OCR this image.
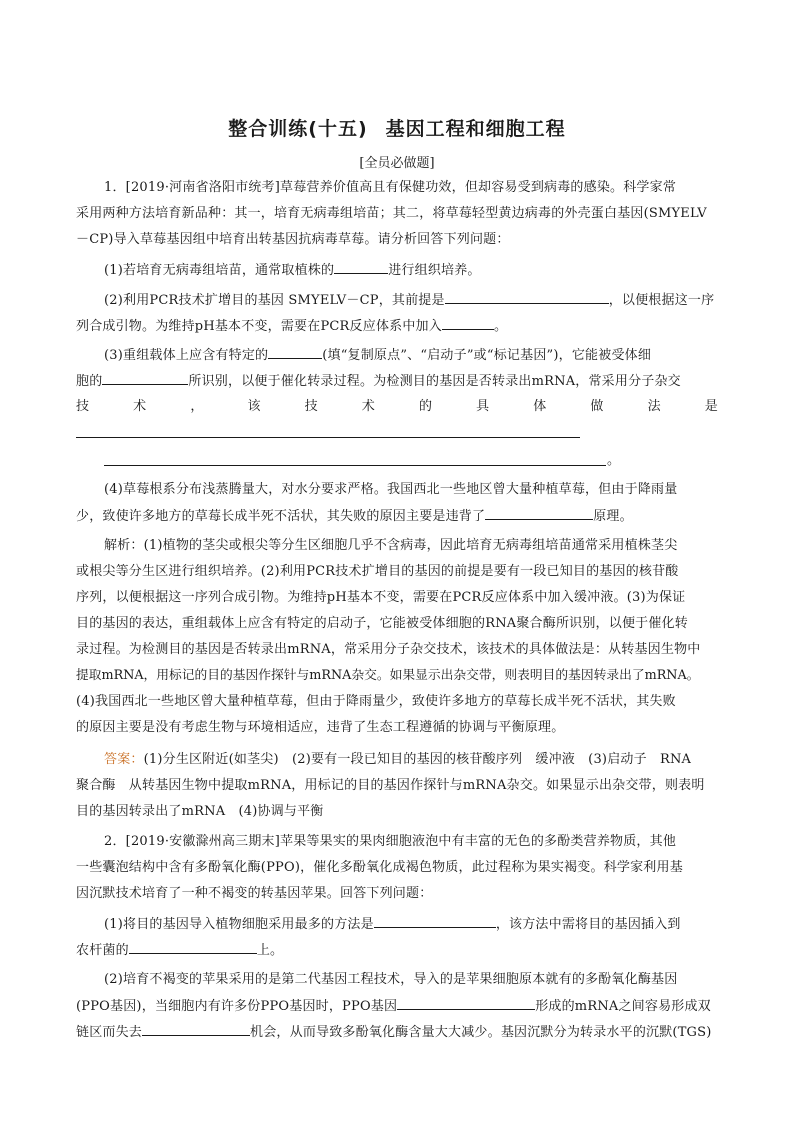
整合训练(十五) 基因工程和细胞工程
[全员必做题]
1．[2019·河南省洛阳市统考]草莓营养价值高且有保健功效，但却容易受到病毒的感染。科学家常
采用两种方法培育新品种：其一，培育无病毒组培苗；其二，将草莓轻型黄边病毒的外壳蛋白基因(SMYELV
－CP)导入草莓基因组中培育出转基因抗病毒草莓。请分析回答下列问题：
(1)若培育无病毒组培苗，通常取植株的	进行组织培养。
(2)利用PCR技术扩增目的基因 SMYELV－CP，其前提是	，以便根据这一序
列合成引物。为维持pH基本不变，需要在PCR反应体系中加入	。
(3)重组载体上应含有特定的	(填“复制原点”、“启动子”或“标记基因”)，它能被受体细
胞的	所识别，以便于催化转录过程。为检测目的基因是否转录出mRNA，常采用分子杂交
技	术	，	该	技	术	的	具	体	做	法	是
。
(4)草莓根系分布浅蒸腾量大，对水分要求严格。我国西北一些地区曾大量种植草莓，但由于降雨量
少，致使许多地方的草莓长成半死不活状，其失败的原因主要是违背了	原理。
解析：(1)植物的茎尖或根尖等分生区细胞几乎不含病毒，因此培育无病毒组培苗通常采用植株茎尖
或根尖等分生区进行组织培养。(2)利用PCR技术扩增目的基因的前提是要有一段已知目的基因的核苷酸
序列，以便根据这一序列合成引物。为维持pH基本不变，需要在PCR反应体系中加入缓冲液。(3)为保证
目的基因的表达，重组载体上应含有特定的启动子，它能被受体细胞的RNA聚合酶所识别，以便于催化转
录过程。为检测目的基因是否转录出mRNA，常采用分子杂交技术，该技术的具体做法是：从转基因生物中
提取mRNA，用标记的目的基因作探针与mRNA杂交。如果显示出杂交带，则表明目的基因转录出了mRNA。
(4)我国西北一些地区曾大量种植草莓，但由于降雨量少，致使许多地方的草莓长成半死不活状，其失败
的原因主要是没有考虑生物与环境相适应，违背了生态工程遵循的协调与平衡原理。
答案：(1)分生区附近(如茎尖)　(2)要有一段已知目的基因的核苷酸序列　缓冲液　(3)启动子　RNA
聚合酶　从转基因生物中提取mRNA，用标记的目的基因作探针与mRNA杂交。如果显示出杂交带，则表明
目的基因转录出了mRNA　(4)协调与平衡
2．[2019·安徽滁州高三期末]苹果等果实的果肉细胞液泡中有丰富的无色的多酚类营养物质，其他
一些囊泡结构中含有多酚氧化酶(PPO)，催化多酚氧化成褐色物质，此过程称为果实褐变。科学家利用基
因沉默技术培育了一种不褐变的转基因苹果。回答下列问题：
(1)将目的基因导入植物细胞采用最多的方法是	，该方法中需将目的基因插入到
农杆菌的	上。
(2)培育不褐变的苹果采用的是第二代基因工程技术，导入的是苹果细胞原本就有的多酚氧化酶基因
(PPO基因)，当细胞内有许多份PPO基因时，PPO基因	形成的mRNA之间容易形成双
链区而失去	机会，从而导致多酚氧化酶含量大大减少。基因沉默分为转录水平的沉默(TGS)
